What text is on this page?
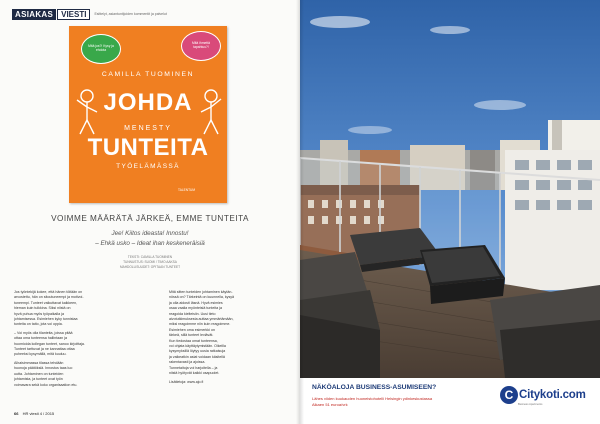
ASIAKAS	VIESTI	Esittelyt, asiantuntijoiden kommentit ja palvelut
Mitä jos?! Kysy ja ehdota
Mitä ihmettä tapahtuu?!
CAMILLA TUOMINEN
JOHDA
MENESTY
TUNTEITA
TYÖELÄMÄSSÄ
TALENTUM
VOIMME MÄÄRÄTÄ JÄRKEÄ, EMME TUNTEITA
Jee! Kiitos ideasta! Innostu!
– Ehkä usko – Ideat ihan keskeneräisiä
TEKSTI: CAMILLA TUOMINEN
TUNNUSTUS: SUOMI / TIMO AAKSA
MAHDOLLISUUDET: OPITAAN TUNTEET
Jos työntekijä kokee, että hänen töitään on
arvostettu, hän on sitoutuneempi ja motivoi-
tuneempi. Tunteet vaikuttavat kaikkeen,
hieman kuin tulkkina. Siksi niistä on
hyvä puhua myös työpaikalla ja
johtamisessa. Esimiehen kyky tunnistaa
tunteita on taito, jota voi oppia.
– Voi myös olla tilanteita, joissa pitää
ottaa oma tunteensa hallintaan ja
huomioida kollegan tunteet, sanoo kirjoittaja.
Tunteet tarttuvat ja ne kannattaa ottaa
puheeksi kysymällä, mitä kuuluu.
Alhaisimmassa tilassa tehdään
huonoja päätöksiä. Innostus taas luo
uutta. Johtaminen on tunteiden
johtamista, ja tunteet ovat työn
voimavara sekä koko organisaation etu.
Mitä sitten tunteiden johtaminen käytän-
nössä on? Tärkeintä on kuunnella, kysyä
ja olla aidosti läsnä. Hyvä esimies
osaa vaalia myönteisiä tunteita ja
reagoida kielteisiin. Uusi tieto
aivotutkimuksesta auttaa ymmärtämään,
miksi reagoimme niin kuin reagoimme.
Esimiehen oma esimerkki on
tärkeä, sillä tunteet leviävät.
Kun tiedostaa omat tunteensa,
voi ohjata käyttäytymistään. Oikeilla
kysymyksillä löytyy uusia ratkaisuja
ja vaikeatkin asiat voidaan käsitellä
rakentavasti ja ajoissa.
Tunnetaitoja voi harjoitella – ja
niistä hyötyvät kaikki osapuolet.
Lisätietoja: www.ajo.fi
66 HR viesti 4 / 2015
NÄKÖALOJA BUSINESS-ASUMISEEN?
Lähes viiden kuukauden huoneistohotelli Helsingin ydinkeskustassa
Alkaen 51 euroa/vrk
C Citykoti.com
Business Apartments
